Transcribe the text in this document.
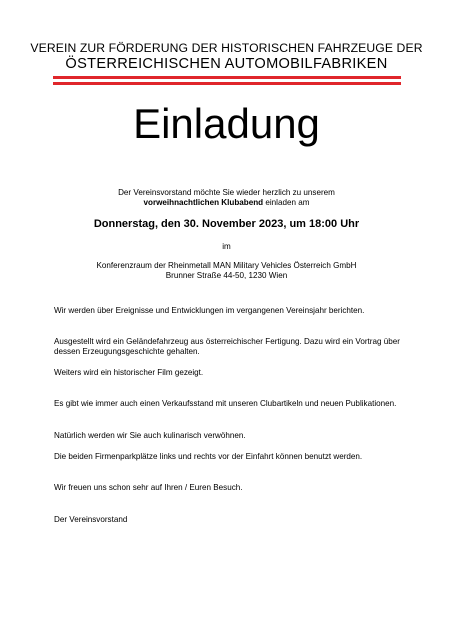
VEREIN ZUR FÖRDERUNG DER HISTORISCHEN FAHRZEUGE DER
ÖSTERREICHISCHEN AUTOMOBILFABRIKEN
Einladung
Der Vereinsvorstand möchte Sie wieder herzlich zu unserem
vorweihnachtlichen Klubabend einladen am
Donnerstag, den 30. November 2023, um 18:00 Uhr
im
Konferenzraum der Rheinmetall MAN Military Vehicles Österreich GmbH
Brunner Straße 44-50, 1230 Wien
Wir werden über Ereignisse und Entwicklungen im vergangenen Vereinsjahr berichten.
Ausgestellt wird ein Geländefahrzeug aus österreichischer Fertigung. Dazu wird ein Vortrag über dessen Erzeugungsgeschichte gehalten.
Weiters wird ein historischer Film gezeigt.
Es gibt wie immer auch einen Verkaufsstand mit unseren Clubartikeln und neuen Publikationen.
Natürlich werden wir Sie auch kulinarisch verwöhnen.
Die beiden Firmenparkplätze links und rechts vor der Einfahrt können benutzt werden.
Wir freuen uns schon sehr auf Ihren / Euren Besuch.
Der Vereinsvorstand
